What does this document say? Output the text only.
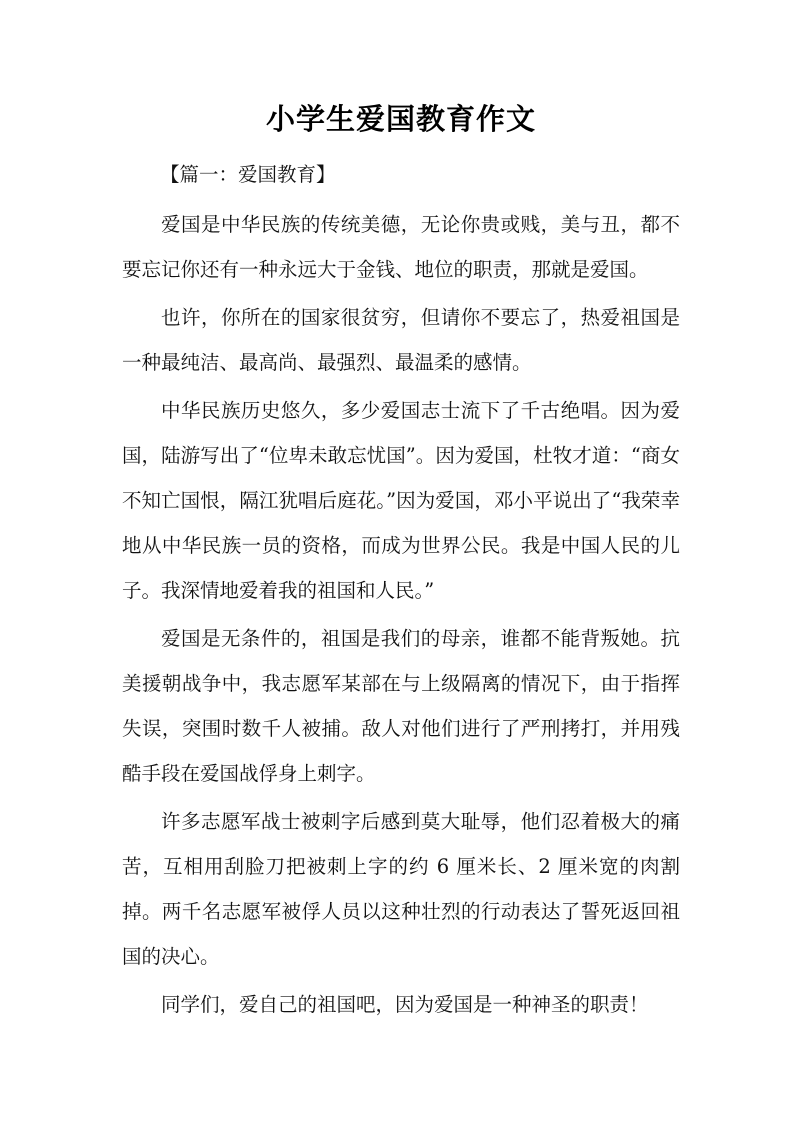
小学生爱国教育作文

【篇一：爱国教育】

爱国是中华民族的传统美德，无论你贵或贱，美与丑，都不要忘记你还有一种永远大于金钱、地位的职责，那就是爱国。

也许，你所在的国家很贫穷，但请你不要忘了，热爱祖国是一种最纯洁、最高尚、最强烈、最温柔的感情。

中华民族历史悠久，多少爱国志士流下了千古绝唱。因为爱国，陆游写出了“位卑未敢忘忧国”。因为爱国，杜牧才道：“商女不知亡国恨，隔江犹唱后庭花。”因为爱国，邓小平说出了“我荣幸地从中华民族一员的资格，而成为世界公民。我是中国人民的儿子。我深情地爱着我的祖国和人民。”

爱国是无条件的，祖国是我们的母亲，谁都不能背叛她。抗美援朝战争中，我志愿军某部在与上级隔离的情况下，由于指挥失误，突围时数千人被捕。敌人对他们进行了严刑拷打，并用残酷手段在爱国战俘身上刺字。

许多志愿军战士被刺字后感到莫大耻辱，他们忍着极大的痛苦，互相用刮脸刀把被刺上字的约 6 厘米长、2 厘米宽的肉割掉。两千名志愿军被俘人员以这种壮烈的行动表达了誓死返回祖国的决心。

同学们，爱自己的祖国吧，因为爱国是一种神圣的职责！
